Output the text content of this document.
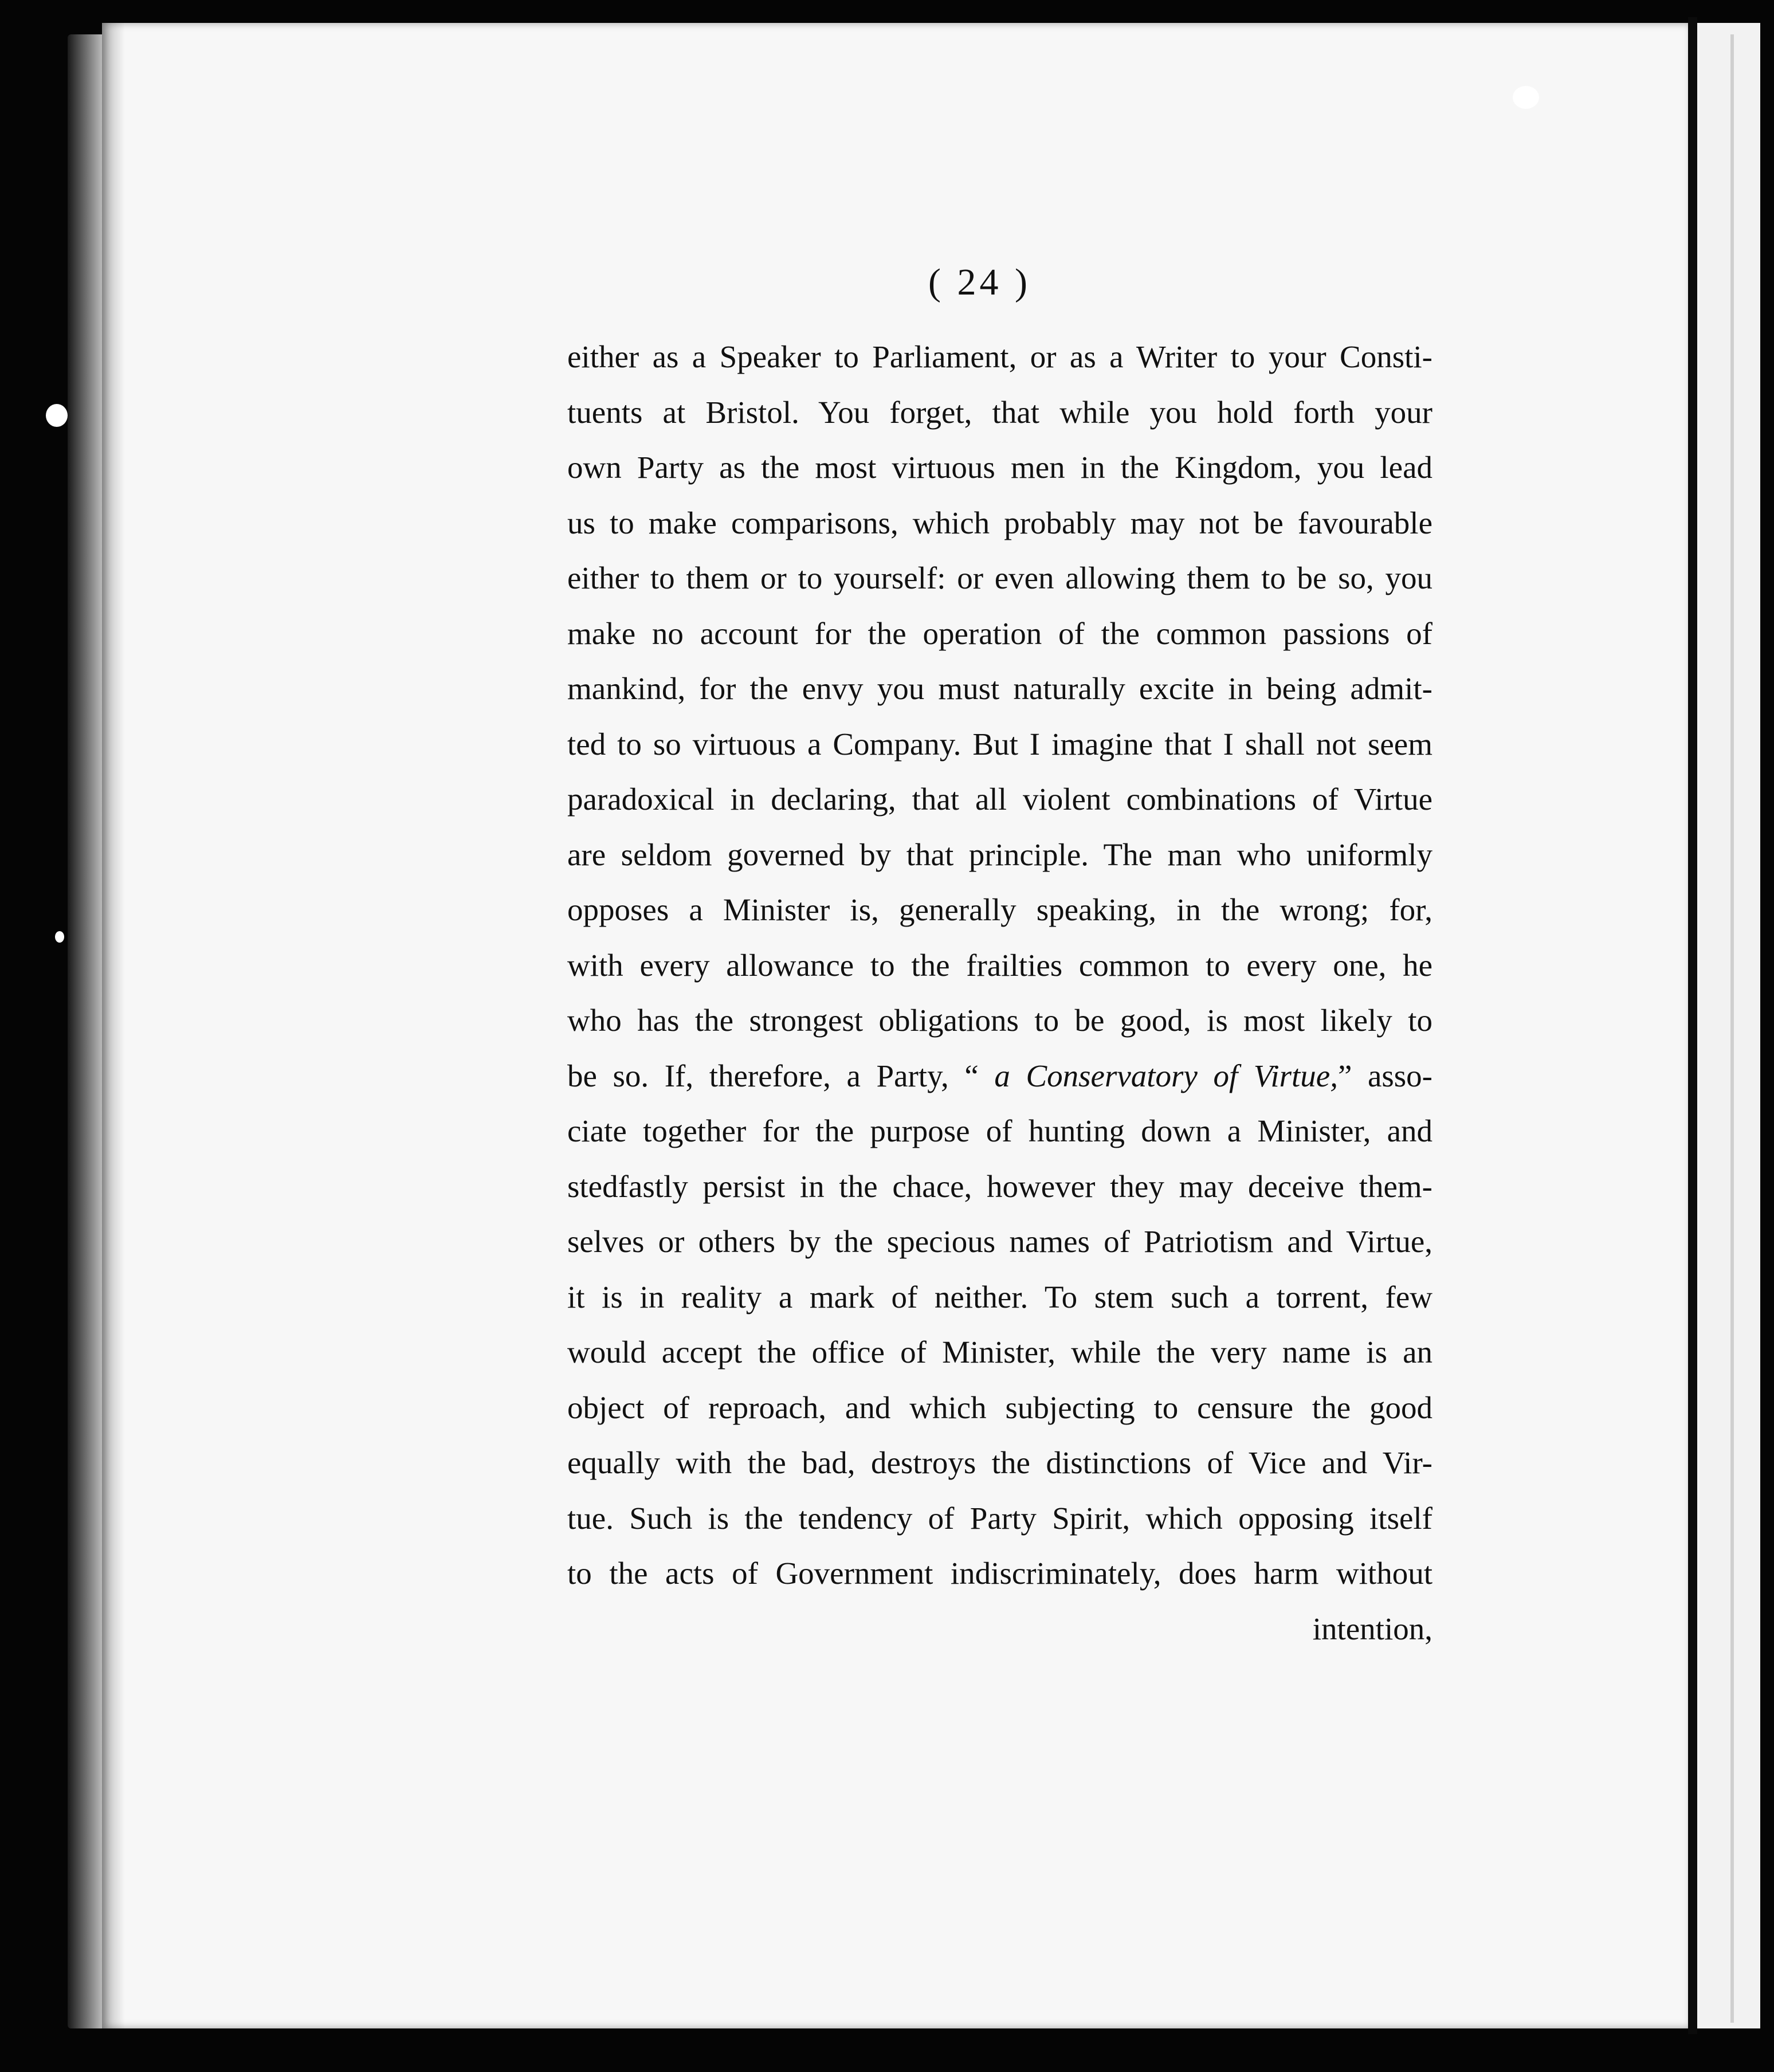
( 24 )
either as a Speaker to Parliament, or as a Writer to your Consti-
tuents at Bristol. You forget, that while you hold forth your
own Party as the most virtuous men in the Kingdom, you lead
us to make comparisons, which probably may not be favourable
either to them or to yourself: or even allowing them to be so, you
make no account for the operation of the common passions of
mankind, for the envy you must naturally excite in being admit-
ted to so virtuous a Company. But I imagine that I shall not seem
paradoxical in declaring, that all violent combinations of Virtue
are seldom governed by that principle. The man who uniformly
opposes a Minister is, generally speaking, in the wrong; for,
with every allowance to the frailties common to every one, he
who has the strongest obligations to be good, is most likely to
be so. If, therefore, a Party, “ a Conservatory of Virtue,” asso-
ciate together for the purpose of hunting down a Minister, and
stedfastly persist in the chace, however they may deceive them-
selves or others by the specious names of Patriotism and Virtue,
it is in reality a mark of neither. To stem such a torrent, few
would accept the office of Minister, while the very name is an
object of reproach, and which subjecting to censure the good
equally with the bad, destroys the distinctions of Vice and Vir-
tue. Such is the tendency of Party Spirit, which opposing itself
to the acts of Government indiscriminately, does harm without
intention,
